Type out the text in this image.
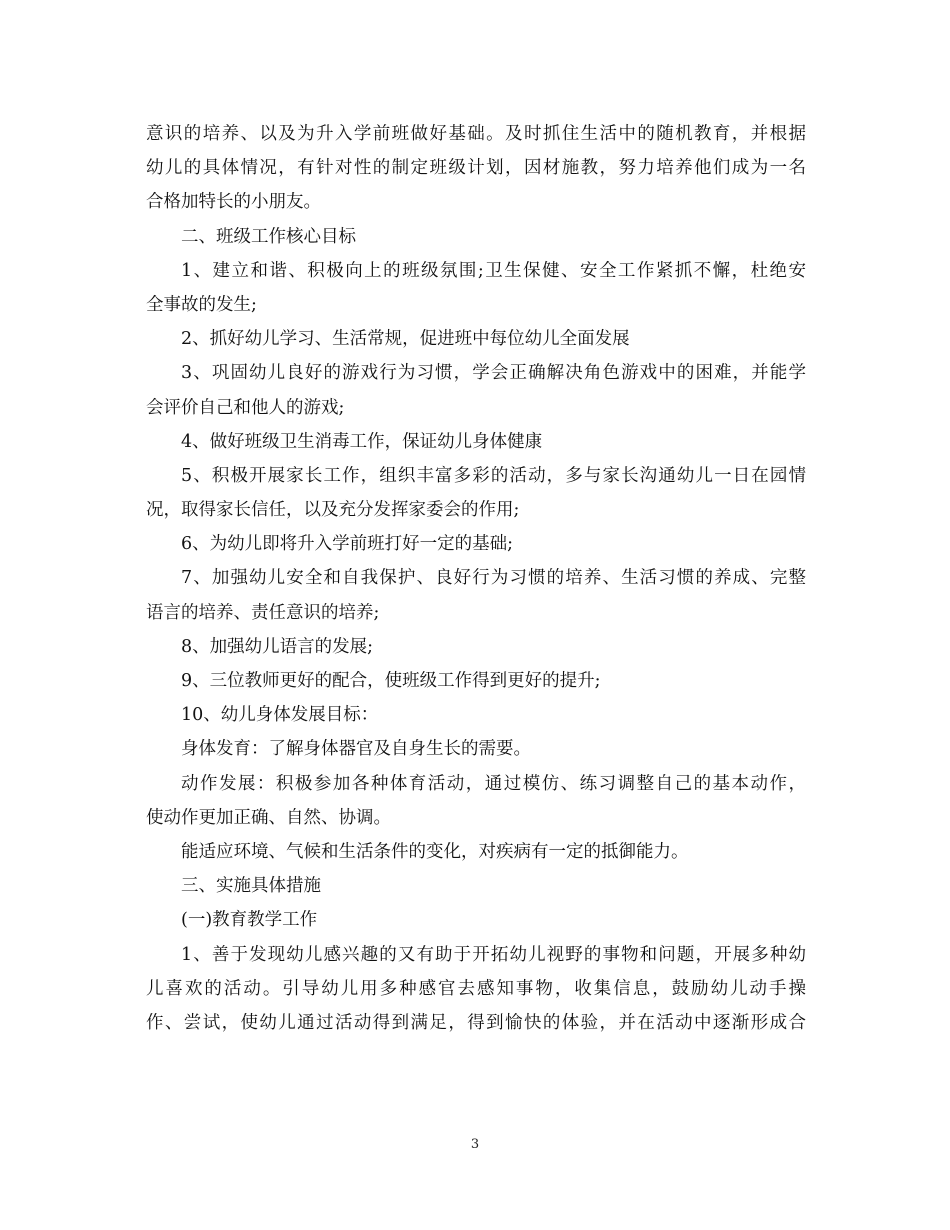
意识的培养、以及为升入学前班做好基础。及时抓住生活中的随机教育，并根据
幼儿的具体情况，有针对性的制定班级计划，因材施教，努力培养他们成为一名
合格加特长的小朋友。
二、班级工作核心目标
1、建立和谐、积极向上的班级氛围;卫生保健、安全工作紧抓不懈，杜绝安
全事故的发生;
2、抓好幼儿学习、生活常规，促进班中每位幼儿全面发展
3、巩固幼儿良好的游戏行为习惯，学会正确解决角色游戏中的困难，并能学
会评价自己和他人的游戏;
4、做好班级卫生消毒工作，保证幼儿身体健康
5、积极开展家长工作，组织丰富多彩的活动，多与家长沟通幼儿一日在园情
况，取得家长信任，以及充分发挥家委会的作用;
6、为幼儿即将升入学前班打好一定的基础;
7、加强幼儿安全和自我保护、良好行为习惯的培养、生活习惯的养成、完整
语言的培养、责任意识的培养;
8、加强幼儿语言的发展;
9、三位教师更好的配合，使班级工作得到更好的提升;
10、幼儿身体发展目标：
身体发育：了解身体器官及自身生长的需要。
动作发展：积极参加各种体育活动，通过模仿、练习调整自己的基本动作，
使动作更加正确、自然、协调。
能适应环境、气候和生活条件的变化，对疾病有一定的抵御能力。
三、实施具体措施
(一)教育教学工作
1、善于发现幼儿感兴趣的又有助于开拓幼儿视野的事物和问题，开展多种幼
儿喜欢的活动。引导幼儿用多种感官去感知事物，收集信息，鼓励幼儿动手操
作、尝试，使幼儿通过活动得到满足，得到愉快的体验，并在活动中逐渐形成合
3
